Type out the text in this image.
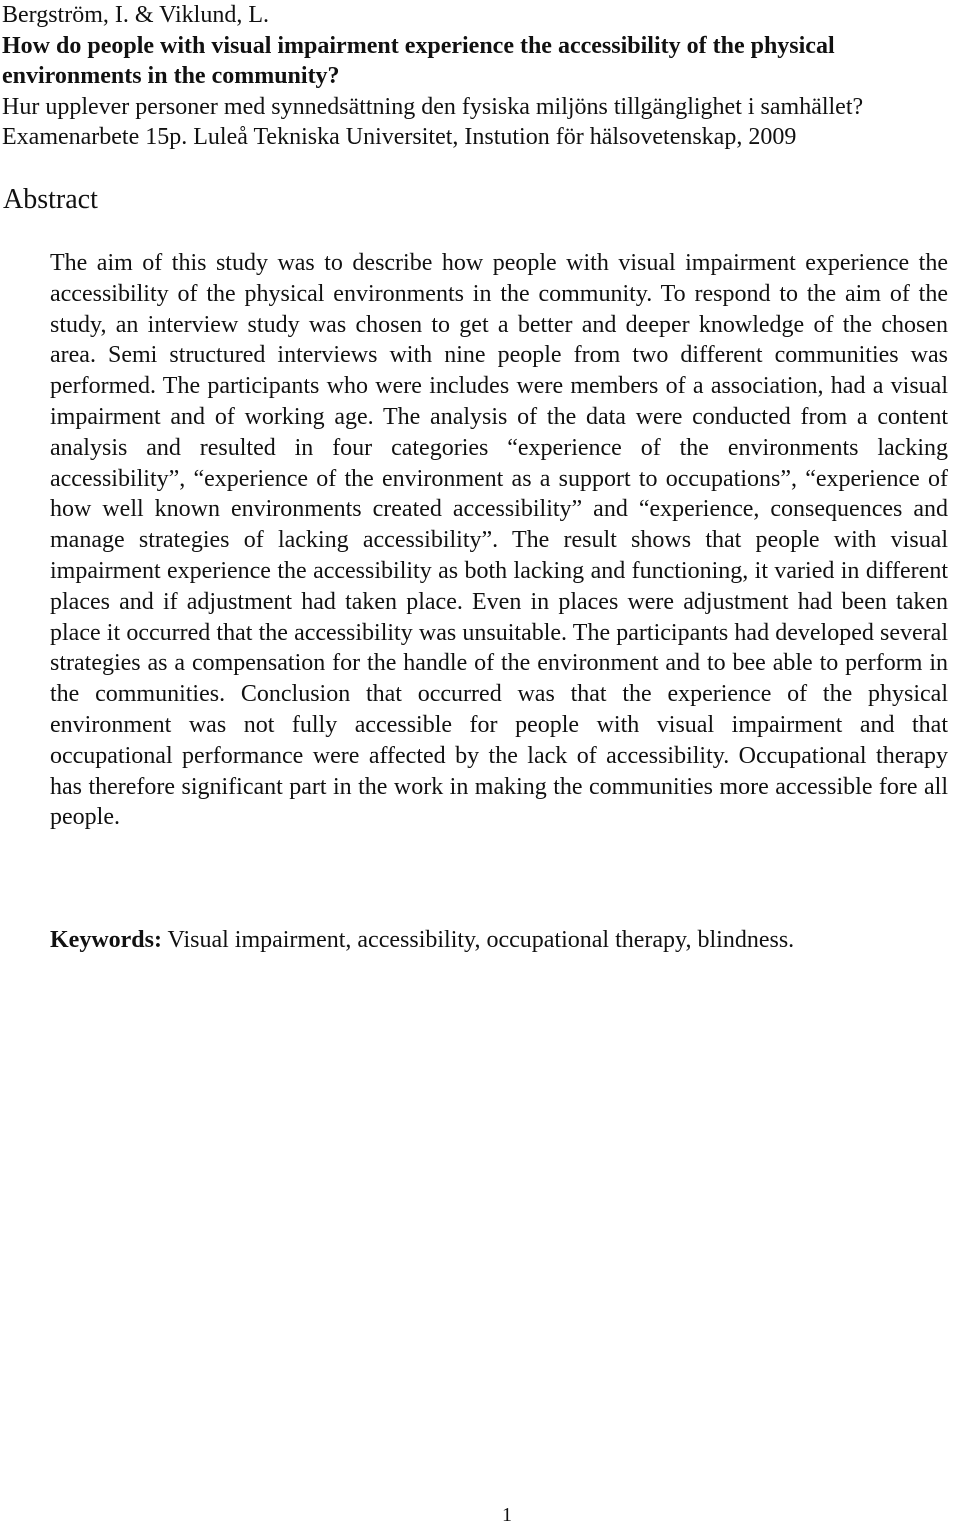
Bergström, I. & Viklund, L.
How do people with visual impairment experience the accessibility of the physical environments in the community?
Hur upplever personer med synnedsättning den fysiska miljöns tillgänglighet i samhället?
Examenarbete 15p. Luleå Tekniska Universitet, Instution för hälsovetenskap, 2009
Abstract

The aim of this study was to describe how people with visual impairment experience the accessibility of the physical environments in the community. To respond to the aim of the study, an interview study was chosen to get a better and deeper knowledge of the chosen area. Semi structured interviews with nine people from two different communities was performed. The participants who were includes were members of a association, had a visual impairment and of working age. The analysis of the data were conducted from a content analysis and resulted in four categories “experience of the environments lacking accessibility”, “experience of the environment as a support to occupations”, “experience of how well known environments created accessibility” and “experience, consequences and manage strategies of lacking accessibility”. The result shows that people with visual impairment experience the accessibility as both lacking and functioning, it varied in different places and if adjustment had taken place. Even in places were adjustment had been taken place it occurred that the accessibility was unsuitable. The participants had developed several strategies as a compensation for the handle of the environment and to bee able to perform in the communities. Conclusion that occurred was that the experience of the physical environment was not fully accessible for people with visual impairment and that occupational performance were affected by the lack of accessibility. Occupational therapy has therefore significant part in the work in making the communities more accessible fore all people.

Keywords: Visual impairment, accessibility, occupational therapy, blindness.

1
